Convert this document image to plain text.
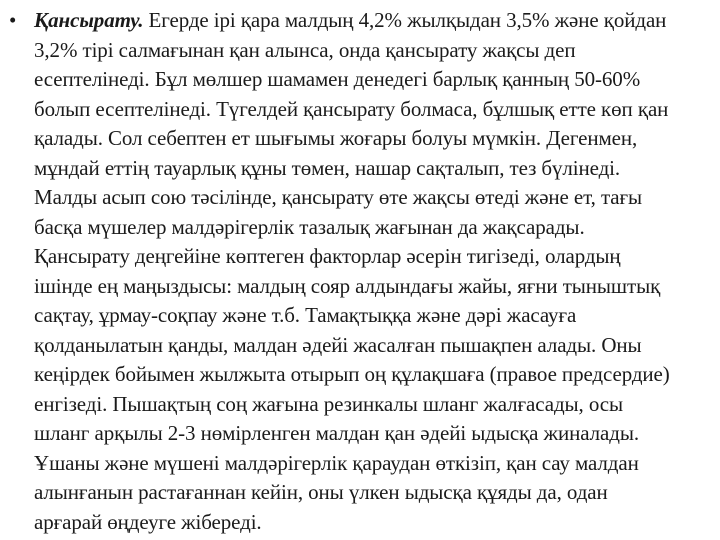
• Қансырату. Егерде ірі қара малдың 4,2% жылқыдан 3,5% және қойдан
3,2% тірі салмағынан қан алынса, онда қансырату жақсы деп
есептелінеді. Бұл мөлшер шамамен денедегі барлық қанның 50-60%
болып есептелінеді. Түгелдей қансырату болмаса, бұлшық етте көп қан
қалады. Сол себептен ет шығымы жоғары болуы мүмкін. Дегенмен,
мұндай еттің тауарлық құны төмен, нашар сақталып, тез бүлінеді.
Малды асып сою тәсілінде, қансырату өте жақсы өтеді және ет, тағы
басқа мүшелер малдәрігерлік тазалық жағынан да жақсарады.
Қансырату деңгейіне көптеген факторлар әсерін тигізеді, олардың
ішінде ең маңыздысы: малдың сояр алдындағы жайы, яғни тыныштық
сақтау, ұрмау-соқпау және т.б. Тамақтыққа және дәрі жасауға
қолданылатын қанды, малдан әдейі жасалған пышақпен алады. Оны
кеңірдек бойымен жылжыта отырып оң құлақшаға (правое предсердие)
енгізеді. Пышақтың соң жағына резинкалы шланг жалғасады, осы
шланг арқылы 2-3 нөмірленген малдан қан әдейі ыдысқа жиналады.
Ұшаны және мүшені малдәрігерлік қараудан өткізіп, қан сау малдан
алынғанын растағаннан кейін, оны үлкен ыдысқа құяды да, одан
арғарай өңдеуге жібереді.
